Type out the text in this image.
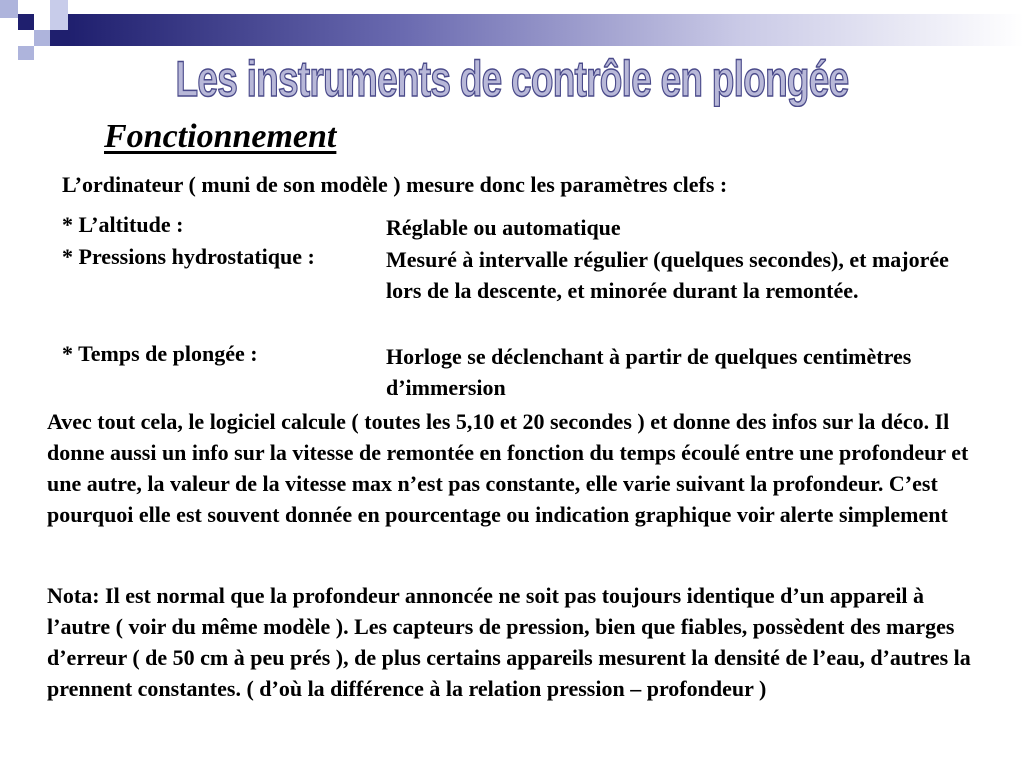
Les instruments de contrôle en plongée
Fonctionnement
L’ordinateur ( muni de son modèle ) mesure donc les paramètres clefs :
* L’altitude :	Réglable ou automatique
* Pressions hydrostatique :	Mesuré à intervalle régulier (quelques secondes), et majorée lors de la descente, et minorée durant la remontée.
* Temps de plongée :	Horloge se déclenchant à partir de quelques centimètres d’immersion
Avec tout cela, le logiciel calcule ( toutes les 5,10 et 20 secondes ) et donne des infos sur la déco. Il donne aussi un info sur la vitesse de remontée en fonction du temps écoulé entre une profondeur et une autre, la valeur de la vitesse max n’est pas constante, elle varie suivant la profondeur. C’est pourquoi elle est souvent donnée en pourcentage ou indication graphique voir alerte simplement
Nota: Il est normal que la profondeur annoncée ne soit pas toujours identique d’un appareil à l’autre ( voir du même modèle ). Les capteurs de pression, bien que fiables, possèdent des marges d’erreur ( de 50 cm à peu prés ), de plus certains appareils mesurent la densité de l’eau, d’autres la prennent constantes. ( d’où la différence à la relation pression – profondeur )
